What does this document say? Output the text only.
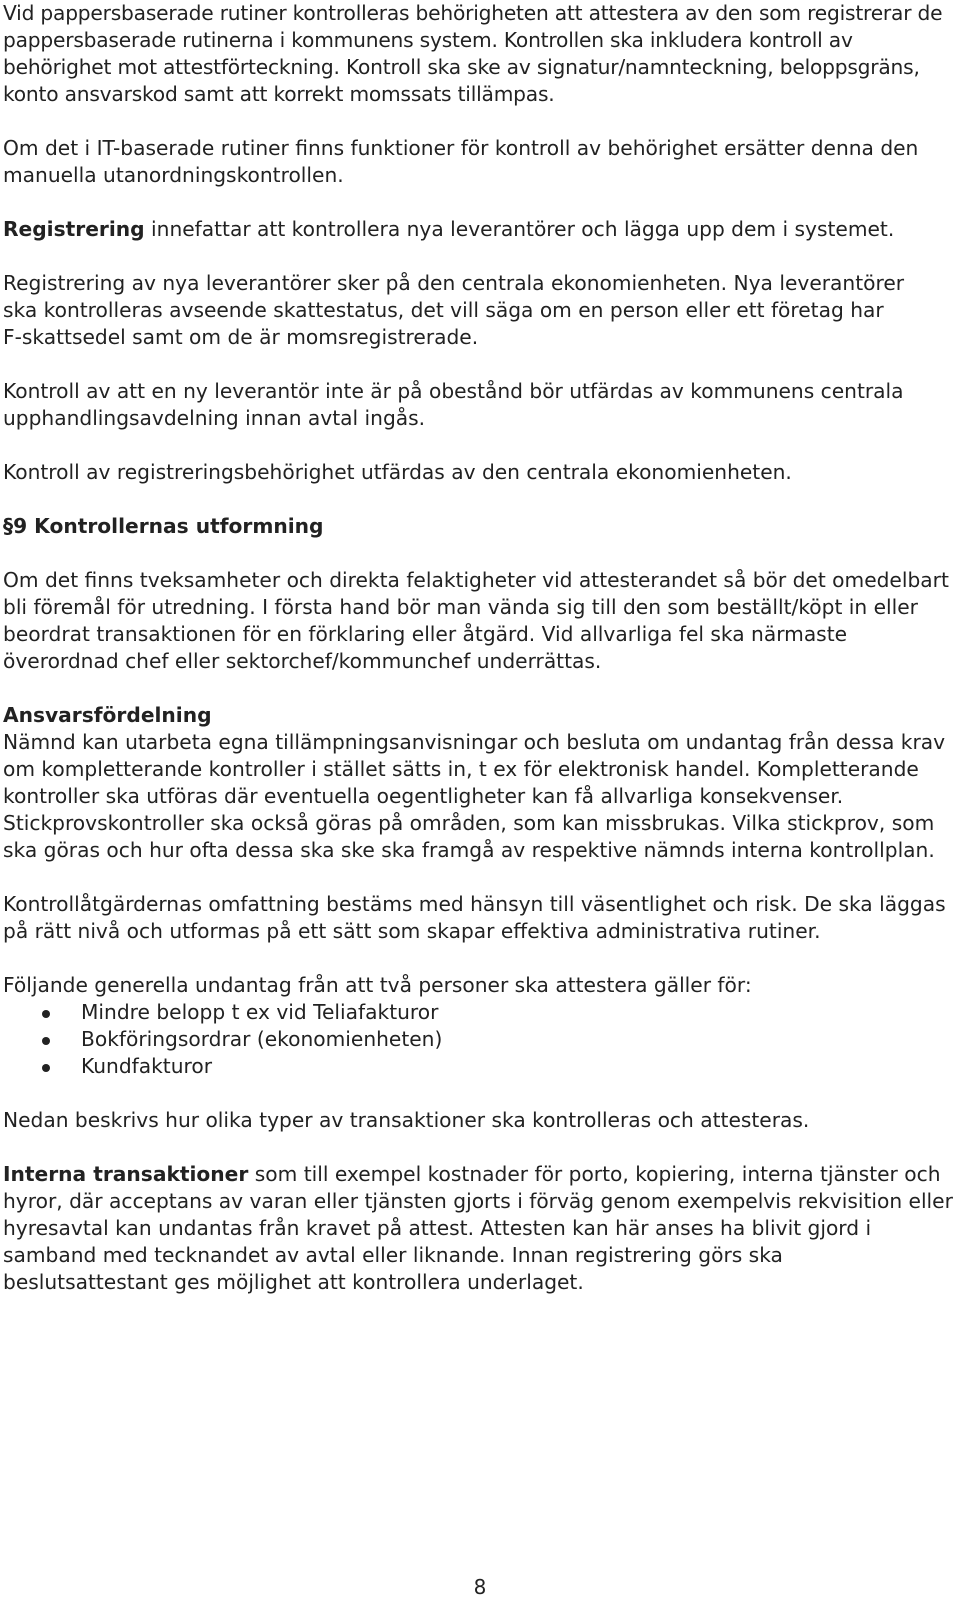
Vid pappersbaserade rutiner kontrolleras behörigheten att attestera av den som registrerar de pappersbaserade rutinerna i kommunens system. Kontrollen ska inkludera kontroll av behörighet mot attestförteckning. Kontroll ska ske av signatur/namnteckning, beloppsgräns, konto ansvarskod samt att korrekt momssats tillämpas.

Om det i IT-baserade rutiner finns funktioner för kontroll av behörighet ersätter denna den manuella utanordningskontrollen.

Registrering innefattar att kontrollera nya leverantörer och lägga upp dem i systemet.

Registrering av nya leverantörer sker på den centrala ekonomienheten. Nya leverantörer ska kontrolleras avseende skattestatus, det vill säga om en person eller ett företag har F-skattsedel samt om de är momsregistrerade.

Kontroll av att en ny leverantör inte är på obestånd bör utfärdas av kommunens centrala upphandlingsavdelning innan avtal ingås.

Kontroll av registreringsbehörighet utfärdas av den centrala ekonomienheten.

§9 Kontrollernas utformning

Om det finns tveksamheter och direkta felaktigheter vid attesterandet så bör det omedelbart bli föremål för utredning. I första hand bör man vända sig till den som beställt/köpt in eller beordrat transaktionen för en förklaring eller åtgärd. Vid allvarliga fel ska närmaste överordnad chef eller sektorchef/kommunchef underrättas.

Ansvarsfördelning

Nämnd kan utarbeta egna tillämpningsanvisningar och besluta om undantag från dessa krav om kompletterande kontroller i stället sätts in, t ex för elektronisk handel. Kompletterande kontroller ska utföras där eventuella oegentligheter kan få allvarliga konsekvenser. Stickprovskontroller ska också göras på områden, som kan missbrukas. Vilka stickprov, som ska göras och hur ofta dessa ska ske ska framgå av respektive nämnds interna kontrollplan.

Kontrollåtgärdernas omfattning bestäms med hänsyn till väsentlighet och risk. De ska läggas på rätt nivå och utformas på ett sätt som skapar effektiva administrativa rutiner.

Följande generella undantag från att två personer ska attestera gäller för:

Mindre belopp t ex vid Teliafakturor
Bokföringsordrar (ekonomienheten)
Kundfakturor

Nedan beskrivs hur olika typer av transaktioner ska kontrolleras och attesteras.

Interna transaktioner som till exempel kostnader för porto, kopiering, interna tjänster och hyror, där acceptans av varan eller tjänsten gjorts i förväg genom exempelvis rekvisition eller hyresavtal kan undantas från kravet på attest. Attesten kan här anses ha blivit gjord i samband med tecknandet av avtal eller liknande. Innan registrering görs ska beslutsattestant ges möjlighet att kontrollera underlaget.

8
